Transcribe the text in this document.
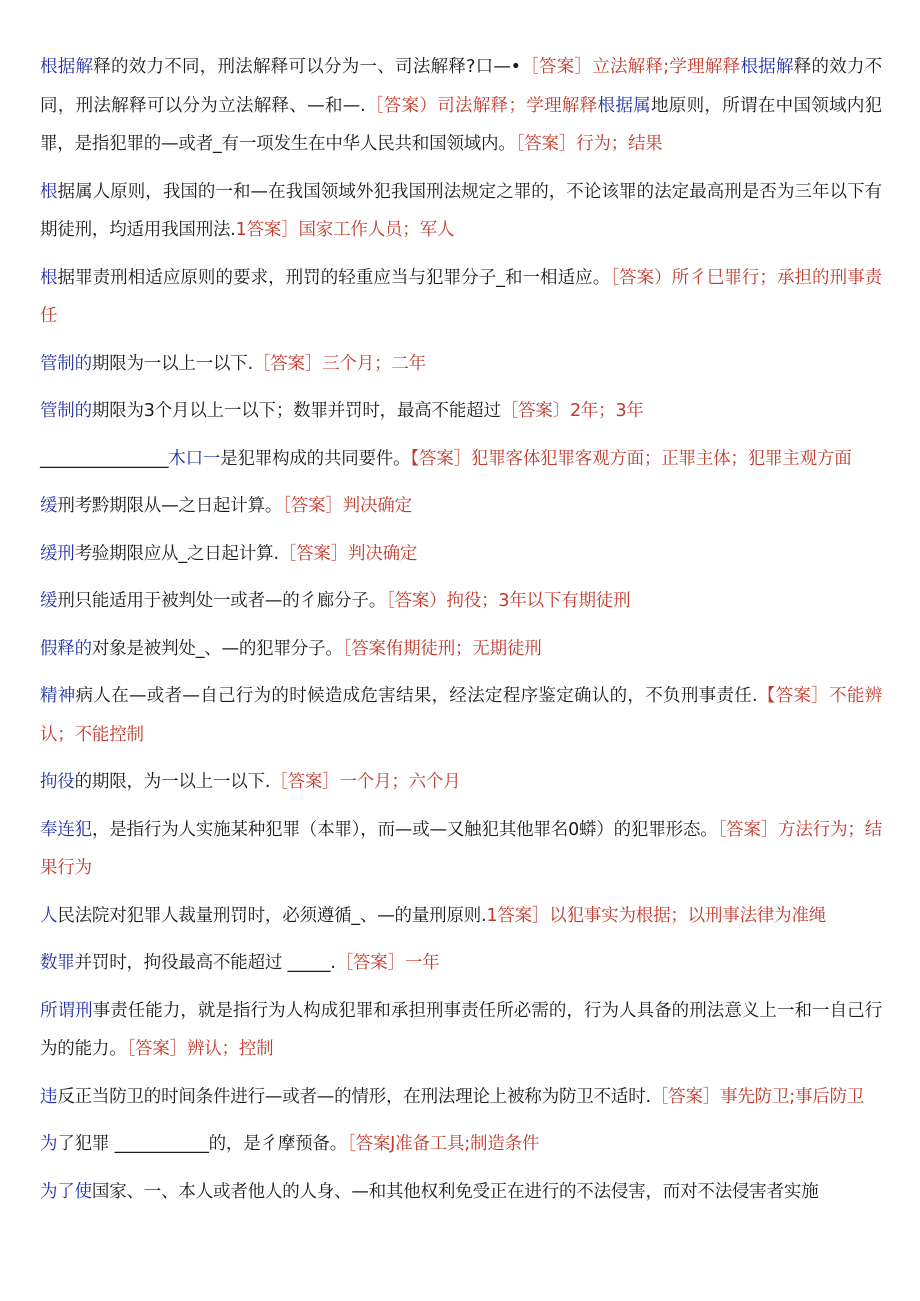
根据解释的效力不同，刑法解释可以分为一、司法解释?口—•［答案］立法解释;学理解释根据解释的效力不同，刑法解释可以分为立法解释、—和—.［答案）司法解释；学理解释根据属地原则，所谓在中国领域内犯罪，是指犯罪的—或者_有一项发生在中华人民共和国领域内。［答案］行为；结果

根据属人原则，我国的一和—在我国领域外犯我国刑法规定之罪的，不论该罪的法定最高刑是否为三年以下有期徒刑，均适用我国刑法.1答案］国家工作人员；军人

根据罪责刑相适应原则的要求，刑罚的轻重应当与犯罪分子_和一相适应。［答案）所彳巳罪行；承担的刑事责任

管制的期限为一以上一以下.［答案］三个月；二年

管制的期限为3个月以上一以下；数罪并罚时，最高不能超过［答案〕2年；3年

_______________木口一是犯罪构成的共同要件。【答案］犯罪客体犯罪客观方面；正罪主体；犯罪主观方面

缓刑考黔期限从—之日起计算。［答案］判决确定

缓刑考验期限应从_之日起计算.［答案］判决确定

缓刑只能适用于被判处一或者—的彳廊分子。［答案）拘役；3年以下有期徒刑

假释的对象是被判处_、—的犯罪分子。［答案侑期徒刑；无期徒刑

精神病人在—或者—自己行为的时候造成危害结果，经法定程序鉴定确认的，不负刑事责任.【答案］不能辨认；不能控制

拘役的期限，为一以上一以下.［答案］一个月；六个月

奉连犯，是指行为人实施某种犯罪（本罪），而—或—又触犯其他罪名0蟒）的犯罪形态。［答案］方法行为；结果行为

人民法院对犯罪人裁量刑罚时，必须遵循_、—的量刑原则.1答案］以犯事实为根据；以刑事法律为准绳

数罪并罚时，拘役最高不能超过 _____.［答案］一年

所谓刑事责任能力，就是指行为人构成犯罪和承担刑事责任所必需的，行为人具备的刑法意义上一和一自己行为的能力。［答案］辨认；控制

违反正当防卫的时间条件进行—或者—的情形，在刑法理论上被称为防卫不适时.［答案］事先防卫;事后防卫

为了犯罪 ___________的，是彳摩预备。［答案J准备工具;制造条件

为了使国家、一、本人或者他人的人身、—和其他权利免受正在进行的不法侵害，而对不法侵害者实施
